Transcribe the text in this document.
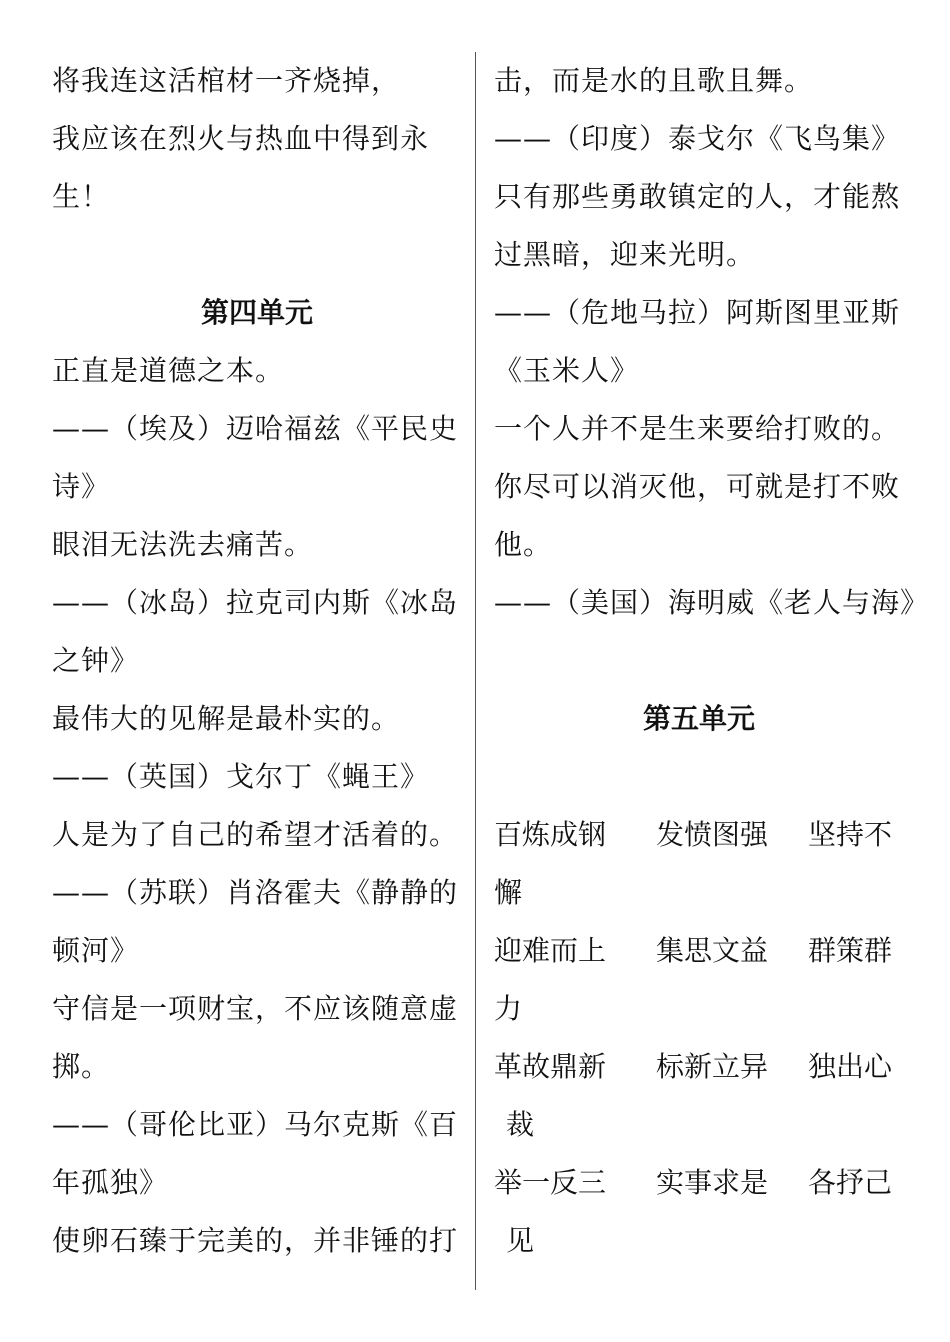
将我连这活棺材一齐烧掉，
我应该在烈火与热血中得到永
生！
第四单元
正直是道德之本。
——（埃及）迈哈福兹《平民史
诗》
眼泪无法洗去痛苦。
——（冰岛）拉克司内斯《冰岛
之钟》
最伟大的见解是最朴实的。
——（英国）戈尔丁《蝇王》
人是为了自己的希望才活着的。
——（苏联）肖洛霍夫《静静的
顿河》
守信是一项财宝，不应该随意虚
掷。
——（哥伦比亚）马尔克斯《百
年孤独》
使卵石臻于完美的，并非锤的打
击，而是水的且歌且舞。
——（印度）泰戈尔《飞鸟集》
只有那些勇敢镇定的人，才能熬
过黑暗，迎来光明。
——（危地马拉）阿斯图里亚斯
《玉米人》
一个人并不是生来要给打败的。
你尽可以消灭他，可就是打不败
他。
——（美国）海明威《老人与海》
第五单元
百炼成钢 发愤图强 坚持不
懈
迎难而上 集思文益 群策群
力
革故鼎新 标新立异 独出心
裁
举一反三 实事求是 各抒己
见
